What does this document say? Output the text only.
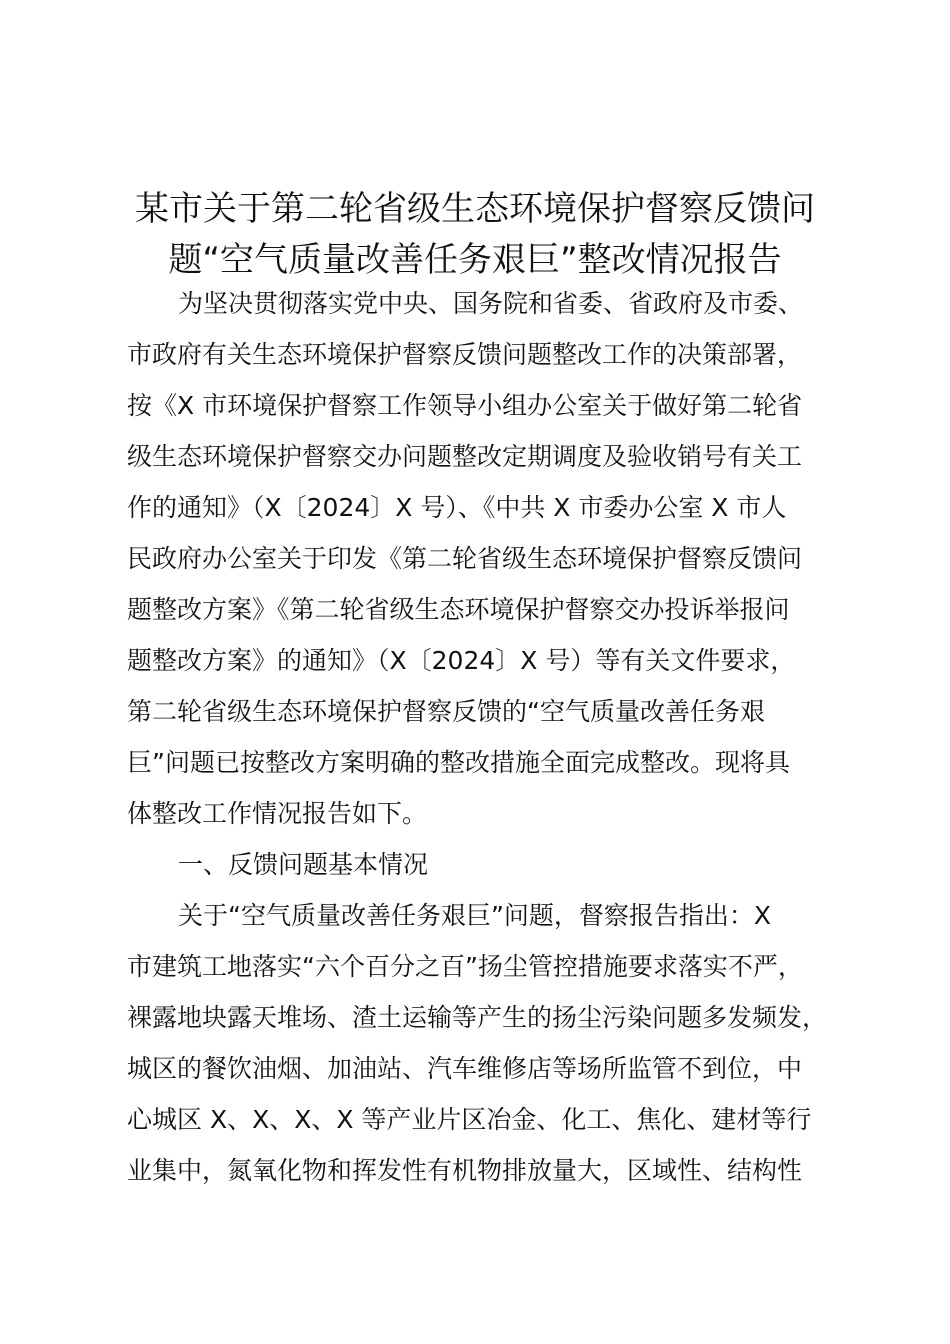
某市关于第二轮省级生态环境保护督察反馈问
题“空气质量改善任务艰巨”整改情况报告
为坚决贯彻落实党中央、国务院和省委、省政府及市委、
市政府有关生态环境保护督察反馈问题整改工作的决策部署，
按《X 市环境保护督察工作领导小组办公室关于做好第二轮省
级生态环境保护督察交办问题整改定期调度及验收销号有关工
作的通知》（X〔2024〕X 号）、《中共 X 市委办公室 X 市人
民政府办公室关于印发《第二轮省级生态环境保护督察反馈问
题整改方案》《第二轮省级生态环境保护督察交办投诉举报问
题整改方案》的通知》（X〔2024〕X 号）等有关文件要求，
第二轮省级生态环境保护督察反馈的“空气质量改善任务艰
巨”问题已按整改方案明确的整改措施全面完成整改。现将具
体整改工作情况报告如下。
一、反馈问题基本情况
关于“空气质量改善任务艰巨”问题，督察报告指出：X
市建筑工地落实“六个百分之百”扬尘管控措施要求落实不严，
裸露地块露天堆场、渣土运输等产生的扬尘污染问题多发频发，
城区的餐饮油烟、加油站、汽车维修店等场所监管不到位，中
心城区 X、X、X、X 等产业片区冶金、化工、焦化、建材等行
业集中，氮氧化物和挥发性有机物排放量大，区域性、结构性
